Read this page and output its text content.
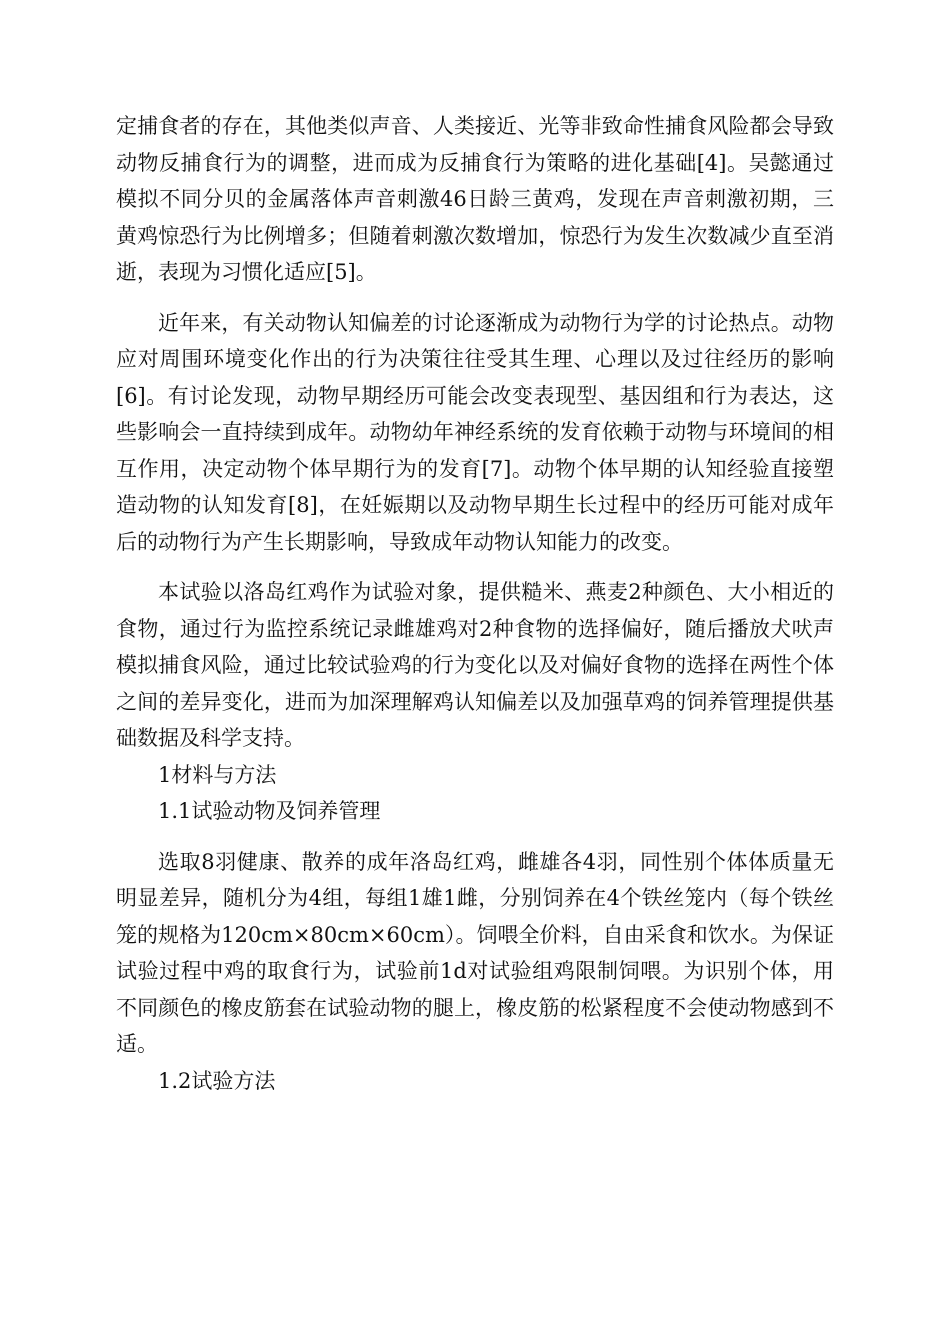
定捕食者的存在，其他类似声音、人类接近、光等非致命性捕食风险都会导致动物反捕食行为的调整，进而成为反捕食行为策略的进化基础[4]。吴懿通过模拟不同分贝的金属落体声音刺激46日龄三黄鸡，发现在声音刺激初期，三黄鸡惊恐行为比例增多；但随着刺激次数增加，惊恐行为发生次数减少直至消逝，表现为习惯化适应[5]。

近年来，有关动物认知偏差的讨论逐渐成为动物行为学的讨论热点。动物应对周围环境变化作出的行为决策往往受其生理、心理以及过往经历的影响[6]。有讨论发现，动物早期经历可能会改变表现型、基因组和行为表达，这些影响会一直持续到成年。动物幼年神经系统的发育依赖于动物与环境间的相互作用，决定动物个体早期行为的发育[7]。动物个体早期的认知经验直接塑造动物的认知发育[8]，在妊娠期以及动物早期生长过程中的经历可能对成年后的动物行为产生长期影响，导致成年动物认知能力的改变。

本试验以洛岛红鸡作为试验对象，提供糙米、燕麦2种颜色、大小相近的食物，通过行为监控系统记录雌雄鸡对2种食物的选择偏好，随后播放犬吠声模拟捕食风险，通过比较试验鸡的行为变化以及对偏好食物的选择在两性个体之间的差异变化，进而为加深理解鸡认知偏差以及加强草鸡的饲养管理提供基础数据及科学支持。

1材料与方法

1.1试验动物及饲养管理

选取8羽健康、散养的成年洛岛红鸡，雌雄各4羽，同性别个体体质量无明显差异，随机分为4组，每组1雄1雌，分别饲养在4个铁丝笼内（每个铁丝笼的规格为120cm×80cm×60cm）。饲喂全价料，自由采食和饮水。为保证试验过程中鸡的取食行为，试验前1d对试验组鸡限制饲喂。为识别个体，用不同颜色的橡皮筋套在试验动物的腿上，橡皮筋的松紧程度不会使动物感到不适。

1.2试验方法
